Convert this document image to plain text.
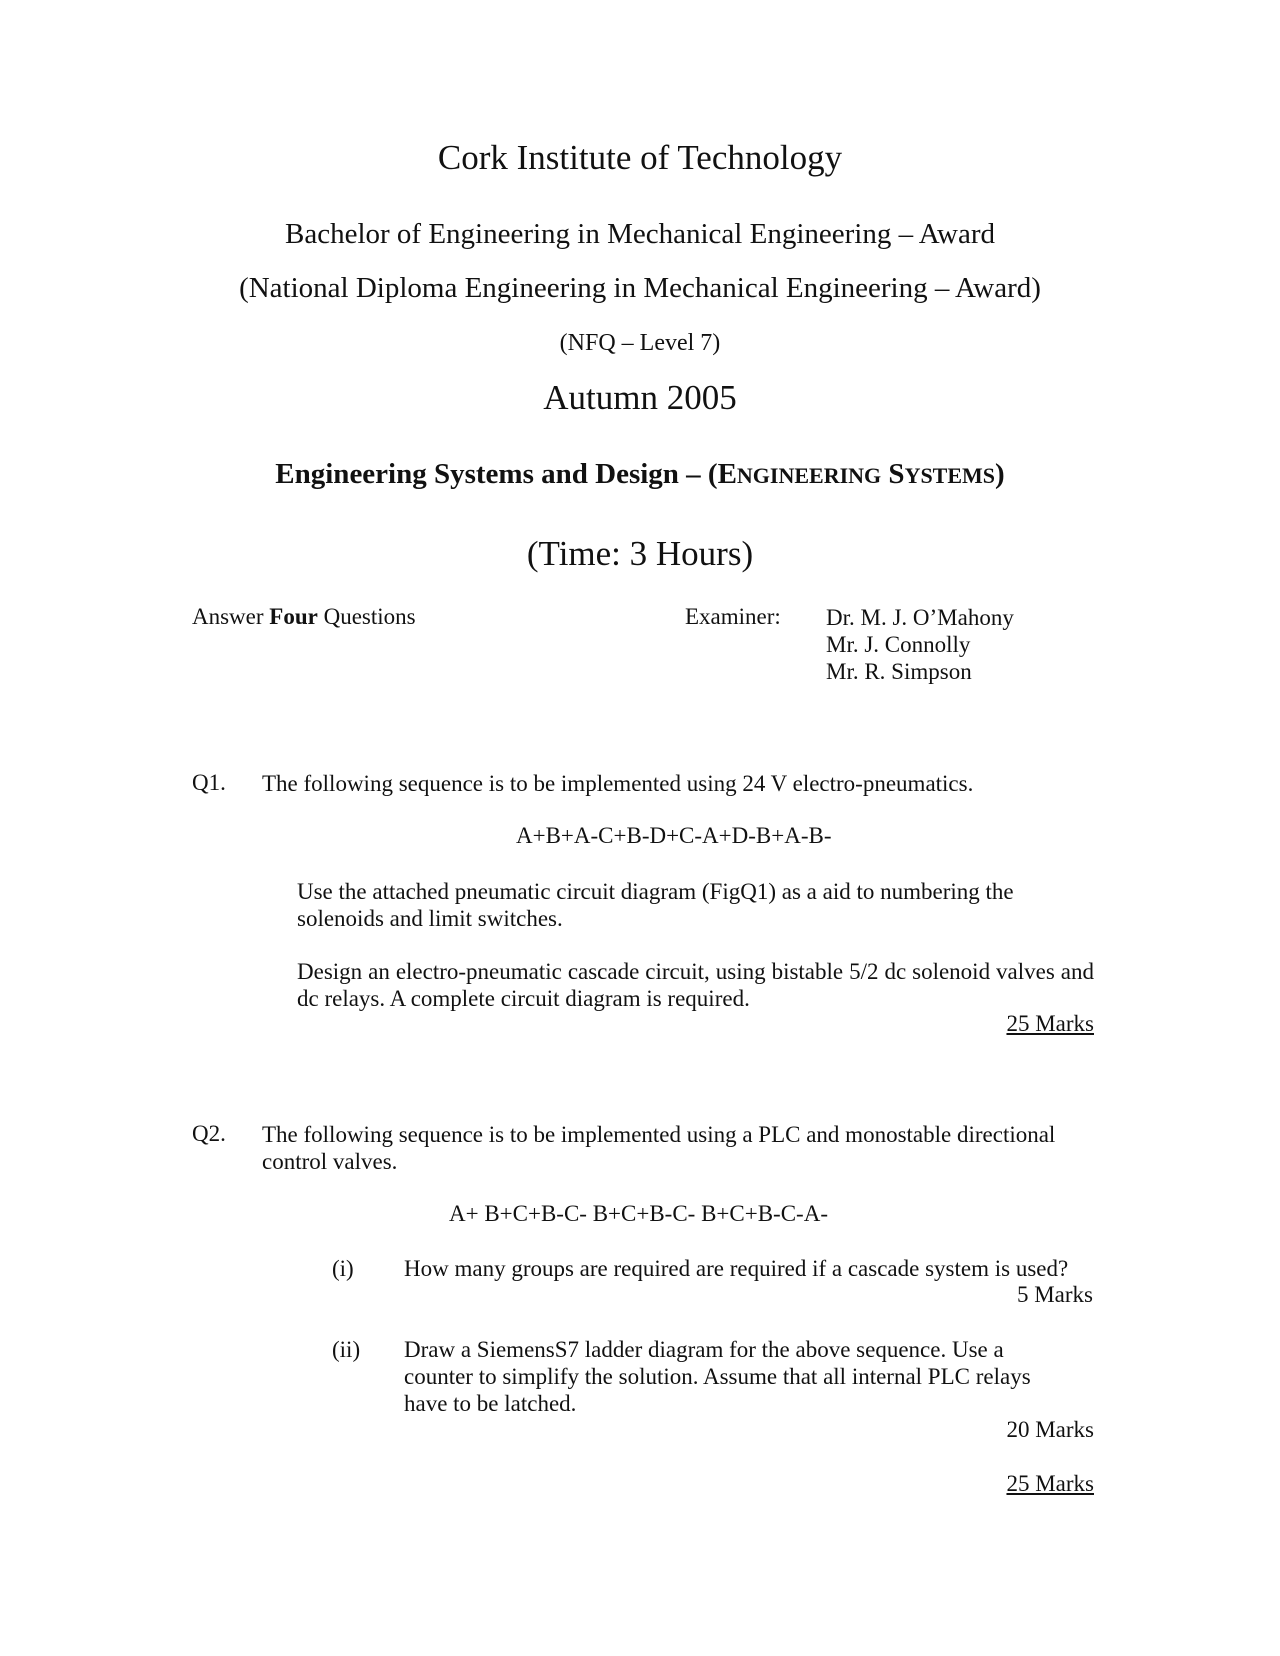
Cork Institute of Technology
Bachelor of Engineering in Mechanical Engineering – Award
(National Diploma Engineering in Mechanical Engineering – Award)
(NFQ – Level 7)
Autumn 2005
Engineering Systems and Design – (ENGINEERING SYSTEMS)
(Time: 3 Hours)
Answer Four Questions	Examiner: Dr. M. J. O’Mahony
Mr. J. Connolly
Mr. R. Simpson
Q1. The following sequence is to be implemented using 24 V electro-pneumatics.
A+B+A-C+B-D+C-A+D-B+A-B-
Use the attached pneumatic circuit diagram (FigQ1) as a aid to numbering the
solenoids and limit switches.
Design an electro-pneumatic cascade circuit, using bistable 5/2 dc solenoid valves and dc relays. A complete circuit diagram is required.
25 Marks
Q2. The following sequence is to be implemented using a PLC and monostable directional
control valves.
A+ B+C+B-C- B+C+B-C- B+C+B-C-A-
(i) How many groups are required are required if a cascade system is used?
5 Marks
(ii) Draw a SiemensS7 ladder diagram for the above sequence. Use a
counter to simplify the solution. Assume that all internal PLC relays
have to be latched.
20 Marks
25 Marks
